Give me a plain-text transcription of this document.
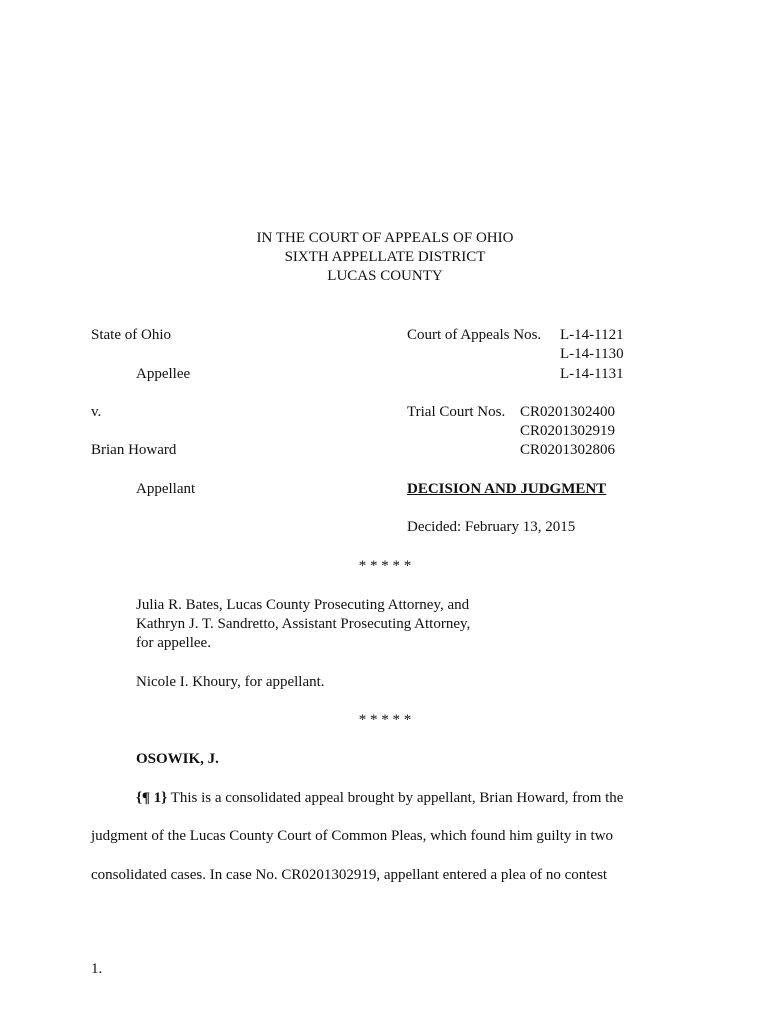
IN THE COURT OF APPEALS OF OHIO
SIXTH APPELLATE DISTRICT
LUCAS COUNTY
State of Ohio
Appellee
v.
Brian Howard
Appellant
Court of Appeals Nos. L-14-1121
L-14-1130
L-14-1131
Trial Court Nos. CR0201302400
CR0201302919
CR0201302806
DECISION AND JUDGMENT
Decided: February 13, 2015
* * * * *
Julia R. Bates, Lucas County Prosecuting Attorney, and
Kathryn J. T. Sandretto, Assistant Prosecuting Attorney,
for appellee.
Nicole I. Khoury, for appellant.
* * * * *
OSOWIK, J.
{¶ 1} This is a consolidated appeal brought by appellant, Brian Howard, from the
judgment of the Lucas County Court of Common Pleas, which found him guilty in two
consolidated cases. In case No. CR0201302919, appellant entered a plea of no contest
1.
